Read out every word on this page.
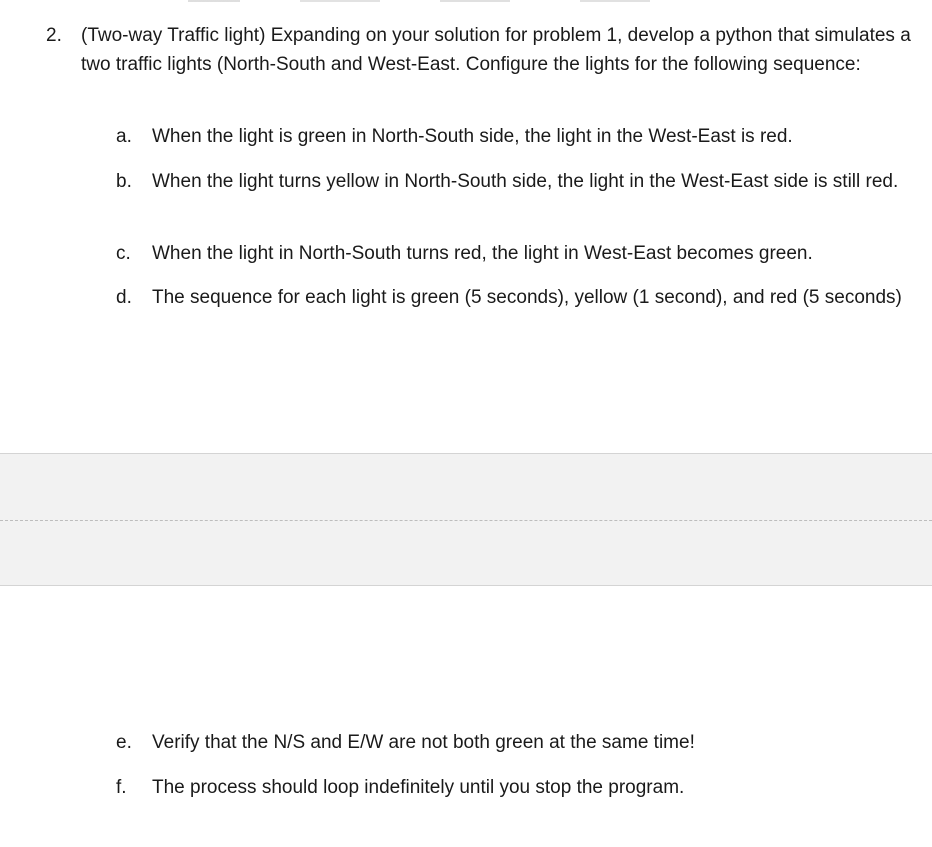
2. (Two-way Traffic light) Expanding on your solution for problem 1, develop a python that simulates a two traffic lights (North-South and West-East. Configure the lights for the following sequence:
a.	When the light is green in North-South side, the light in the West-East is red.
b.	When the light turns yellow in North-South side, the light in the West-East side is still red.
c.	When the light in North-South turns red, the light in West-East becomes green.
d.	The sequence for each light is green (5 seconds), yellow (1 second), and red (5 seconds)
e.	Verify that the N/S and E/W are not both green at the same time!
f.	The process should loop indefinitely until you stop the program.
